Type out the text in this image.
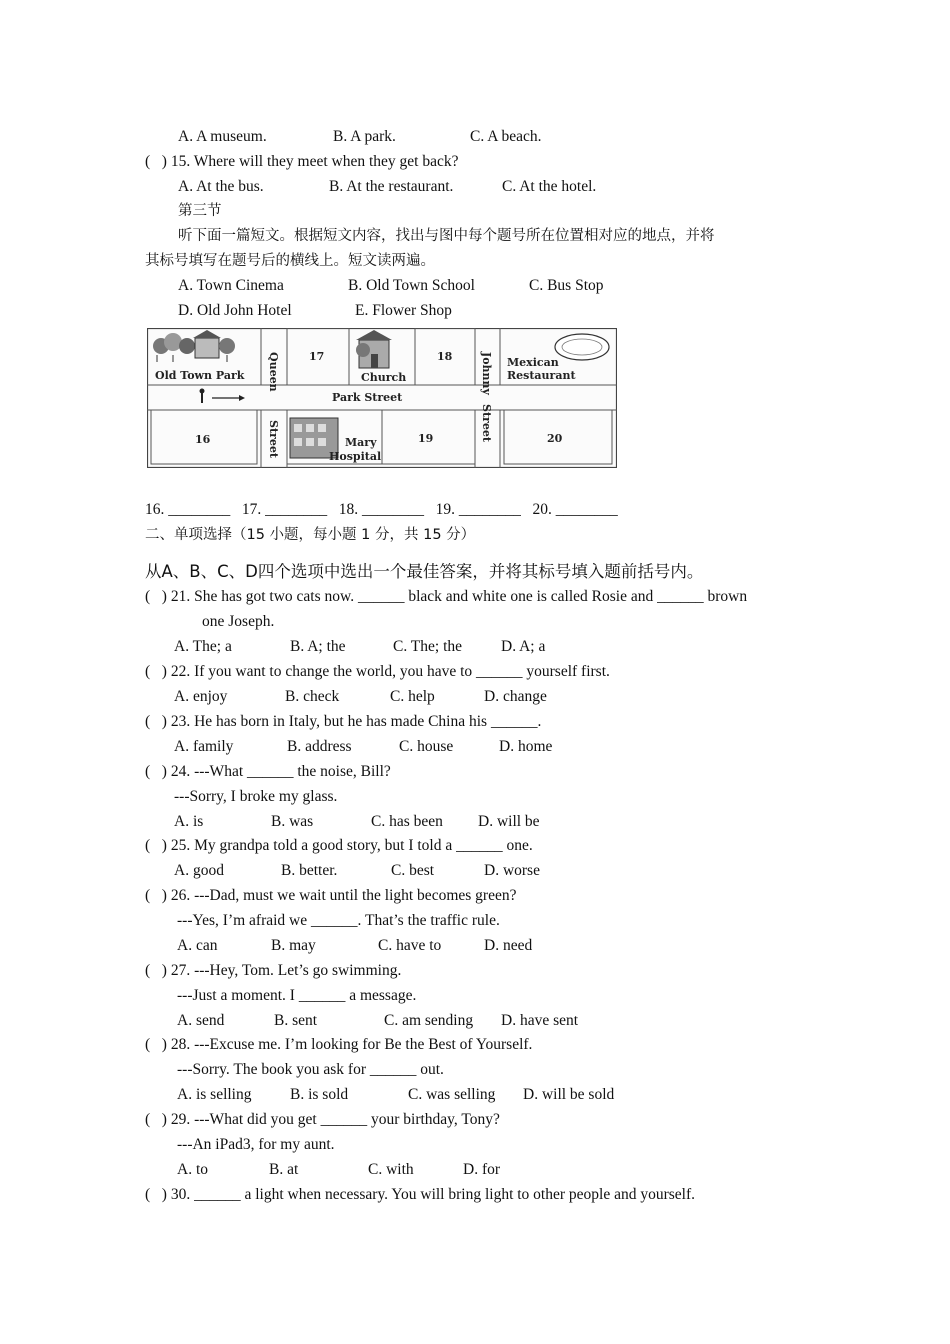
A. A museum.	B. A park.	C. A beach.
(   ) 15. Where will they meet when they get back?
A. At the bus.	B. At the restaurant.	C. At the hotel.
第三节
听下面一篇短文。根据短文内容，找出与图中每个题号所在位置相对应的地点，并将
其标号填写在题号后的横线上。短文读两遍。
A. Town Cinema	B. Old Town School	C. Bus Stop
D. Old John Hotel	E. Flower Shop
Old Town Park Queen
Street
17
Church
18	Johnny
Street
Mexican
Restaurant
Park Street
16	Mary
Hospital
19	20
16. ________   17. ________   18. ________   19. ________   20. ________
二、单项选择（15 小题，每小题 1 分，共 15 分）
从A、B、C、D四个选项中选出一个最佳答案，并将其标号填入题前括号内。
(   ) 21. She has got two cats now. ______ black and white one is called Rosie and ______ brown
one Joseph.
A. The; a	B. A; the	C. The; the	D. A; a
(   ) 22. If you want to change the world, you have to ______ yourself first.
A. enjoy	B. check	C. help	D. change
(   ) 23. He has born in Italy, but he has made China his ______.
A. family	B. address	C. house	D. home
(   ) 24. ---What ______ the noise, Bill?
---Sorry, I broke my glass.
A. is	B. was	C. has been D. will be
(   ) 25. My grandpa told a good story, but I told a ______ one.
A. good	B. better.	C. best	D. worse
(   ) 26. ---Dad, must we wait until the light becomes green?
---Yes, I’m afraid we ______. That’s the traffic rule.
A. can	B. may	C. have to	D. need
(   ) 27. ---Hey, Tom. Let’s go swimming.
---Just a moment. I ______ a message.
A. send	B. sent	C. am sending D. have sent
(   ) 28. ---Excuse me. I’m looking for Be the Best of Yourself.
---Sorry. The book you ask for ______ out.
A. is selling B. is sold	C. was selling D. will be sold
(   ) 29. ---What did you get ______ your birthday, Tony?
---An iPad3, for my aunt.
A. to	B. at	C. with	D. for
(   ) 30. ______ a light when necessary. You will bring light to other people and yourself.
